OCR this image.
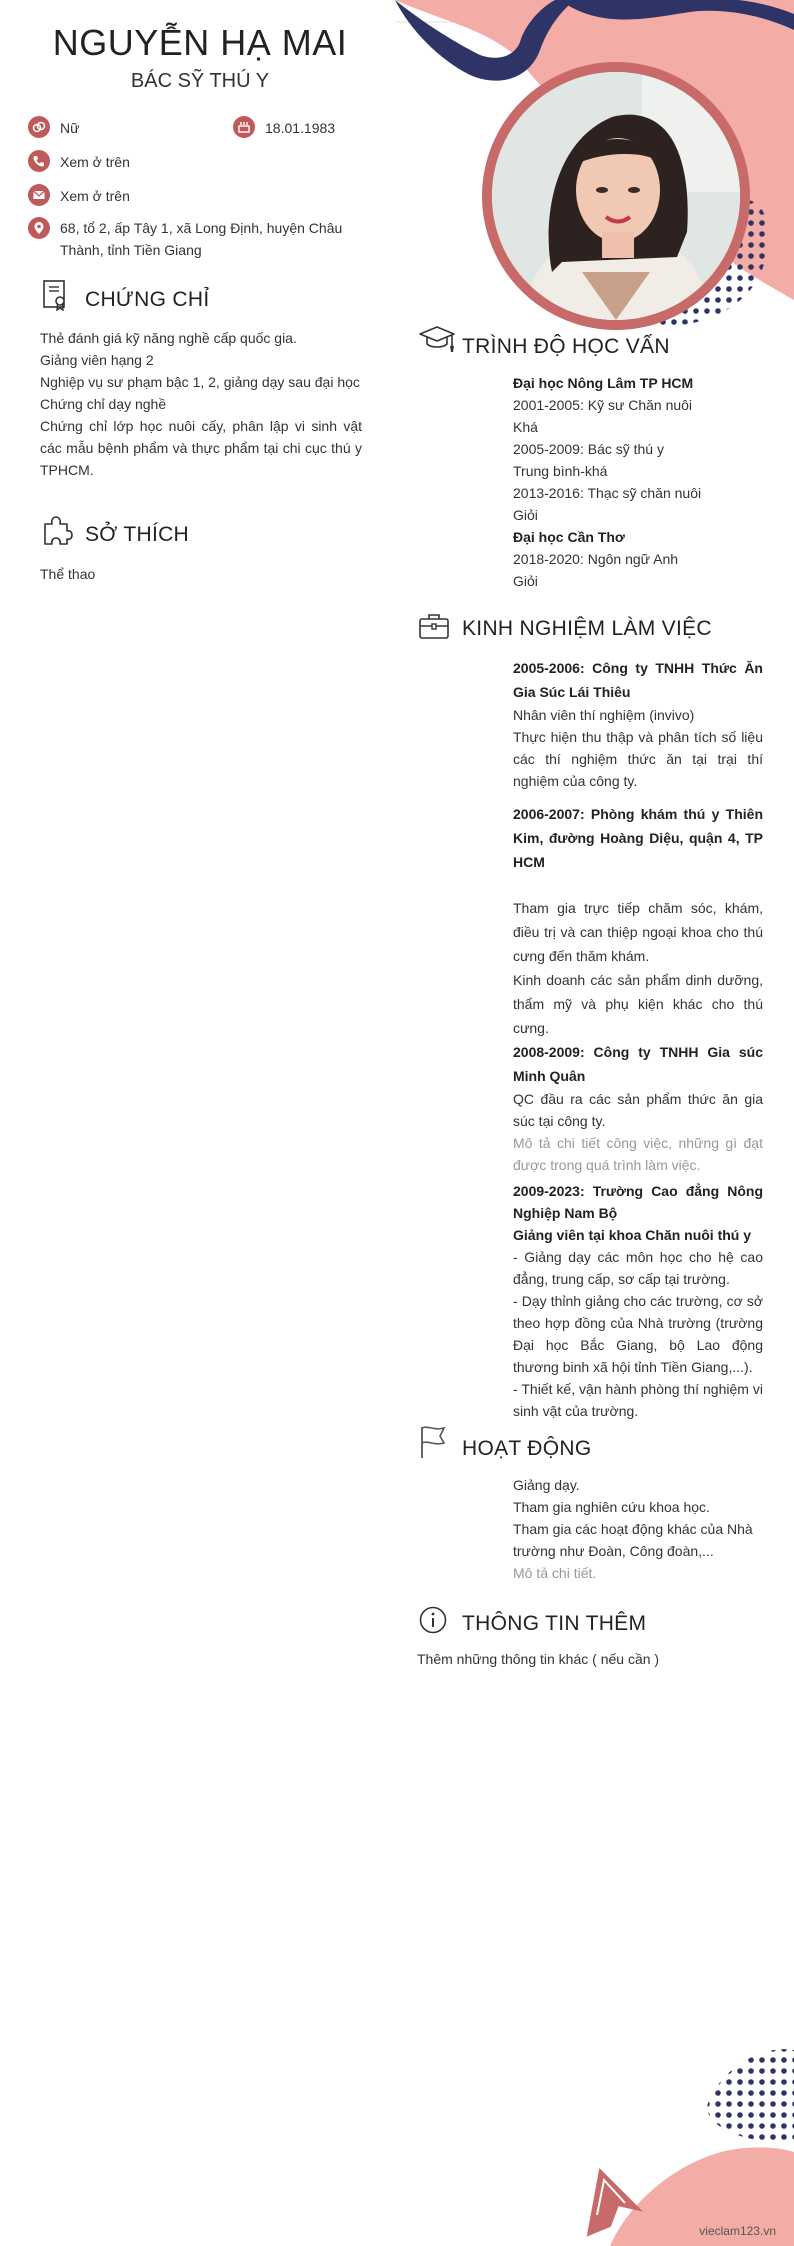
NGUYỄN HẠ MAI
BÁC SỸ THÚ Y
Nữ	18.01.1983
Xem ở trên
Xem ở trên
68, tổ 2, ấp Tây 1, xã Long Định, huyện Châu
Thành, tỉnh Tiền Giang
CHỨNG CHỈ
Thẻ đánh giá kỹ năng nghề cấp quốc gia.
Giảng viên hạng 2
Nghiệp vụ sư phạm bậc 1, 2, giảng dạy sau đại học
Chứng chỉ dạy nghề
Chứng chỉ lớp học nuôi cấy, phân lập vi sinh vật các mẫu bệnh phẩm và thực phẩm tại chi cục thú y TPHCM.
SỞ THÍCH
Thể thao
TRÌNH ĐỘ HỌC VẤN
Đại học Nông Lâm TP HCM
2001-2005: Kỹ sư Chăn nuôi
Khá
2005-2009: Bác sỹ thú y
Trung bình-khá
2013-2016: Thạc sỹ chăn nuôi
Giỏi
Đại học Cần Thơ
2018-2020: Ngôn ngữ Anh
Giỏi
KINH NGHIỆM LÀM VIỆC
2005-2006: Công ty TNHH Thức Ăn Gia Súc Lái Thiêu
Nhân viên thí nghiệm (invivo)
Thực hiện thu thập và phân tích số liệu các thí nghiệm thức ăn tại trại thí nghiệm của công ty.
2006-2007: Phòng khám thú y Thiên Kim, đường Hoàng Diệu, quận 4, TP HCM
Tham gia trực tiếp chăm sóc, khám, điều trị và can thiệp ngoại khoa cho thú cưng đến thăm khám.
Kinh doanh các sản phẩm dinh dưỡng, thẩm mỹ và phụ kiện khác cho thú cưng.
2008-2009: Công ty TNHH Gia súc Minh Quân
QC đầu ra các sản phẩm thức ăn gia súc tại công ty.
Mô tả chi tiết công việc, những gì đạt được trong quá trình làm việc.
2009-2023: Trường Cao đẳng Nông Nghiệp Nam Bộ
Giảng viên tại khoa Chăn nuôi thú y
- Giảng dạy các môn học cho hệ cao đẳng, trung cấp, sơ cấp tại trường.
- Dạy thỉnh giảng cho các trường, cơ sở theo hợp đồng của Nhà trường (trường Đại học Bắc Giang, bộ Lao động thương binh xã hội tỉnh Tiền Giang,...).
- Thiết kế, vận hành phòng thí nghiệm vi sinh vật của trường.
HOẠT ĐỘNG
Giảng dạy.
Tham gia nghiên cứu khoa học.
Tham gia các hoạt động khác của Nhà trường như Đoàn, Công đoàn,...
Mô tả chi tiết.
THÔNG TIN THÊM
Thêm những thông tin khác ( nếu cần )
vieclam123.vn
